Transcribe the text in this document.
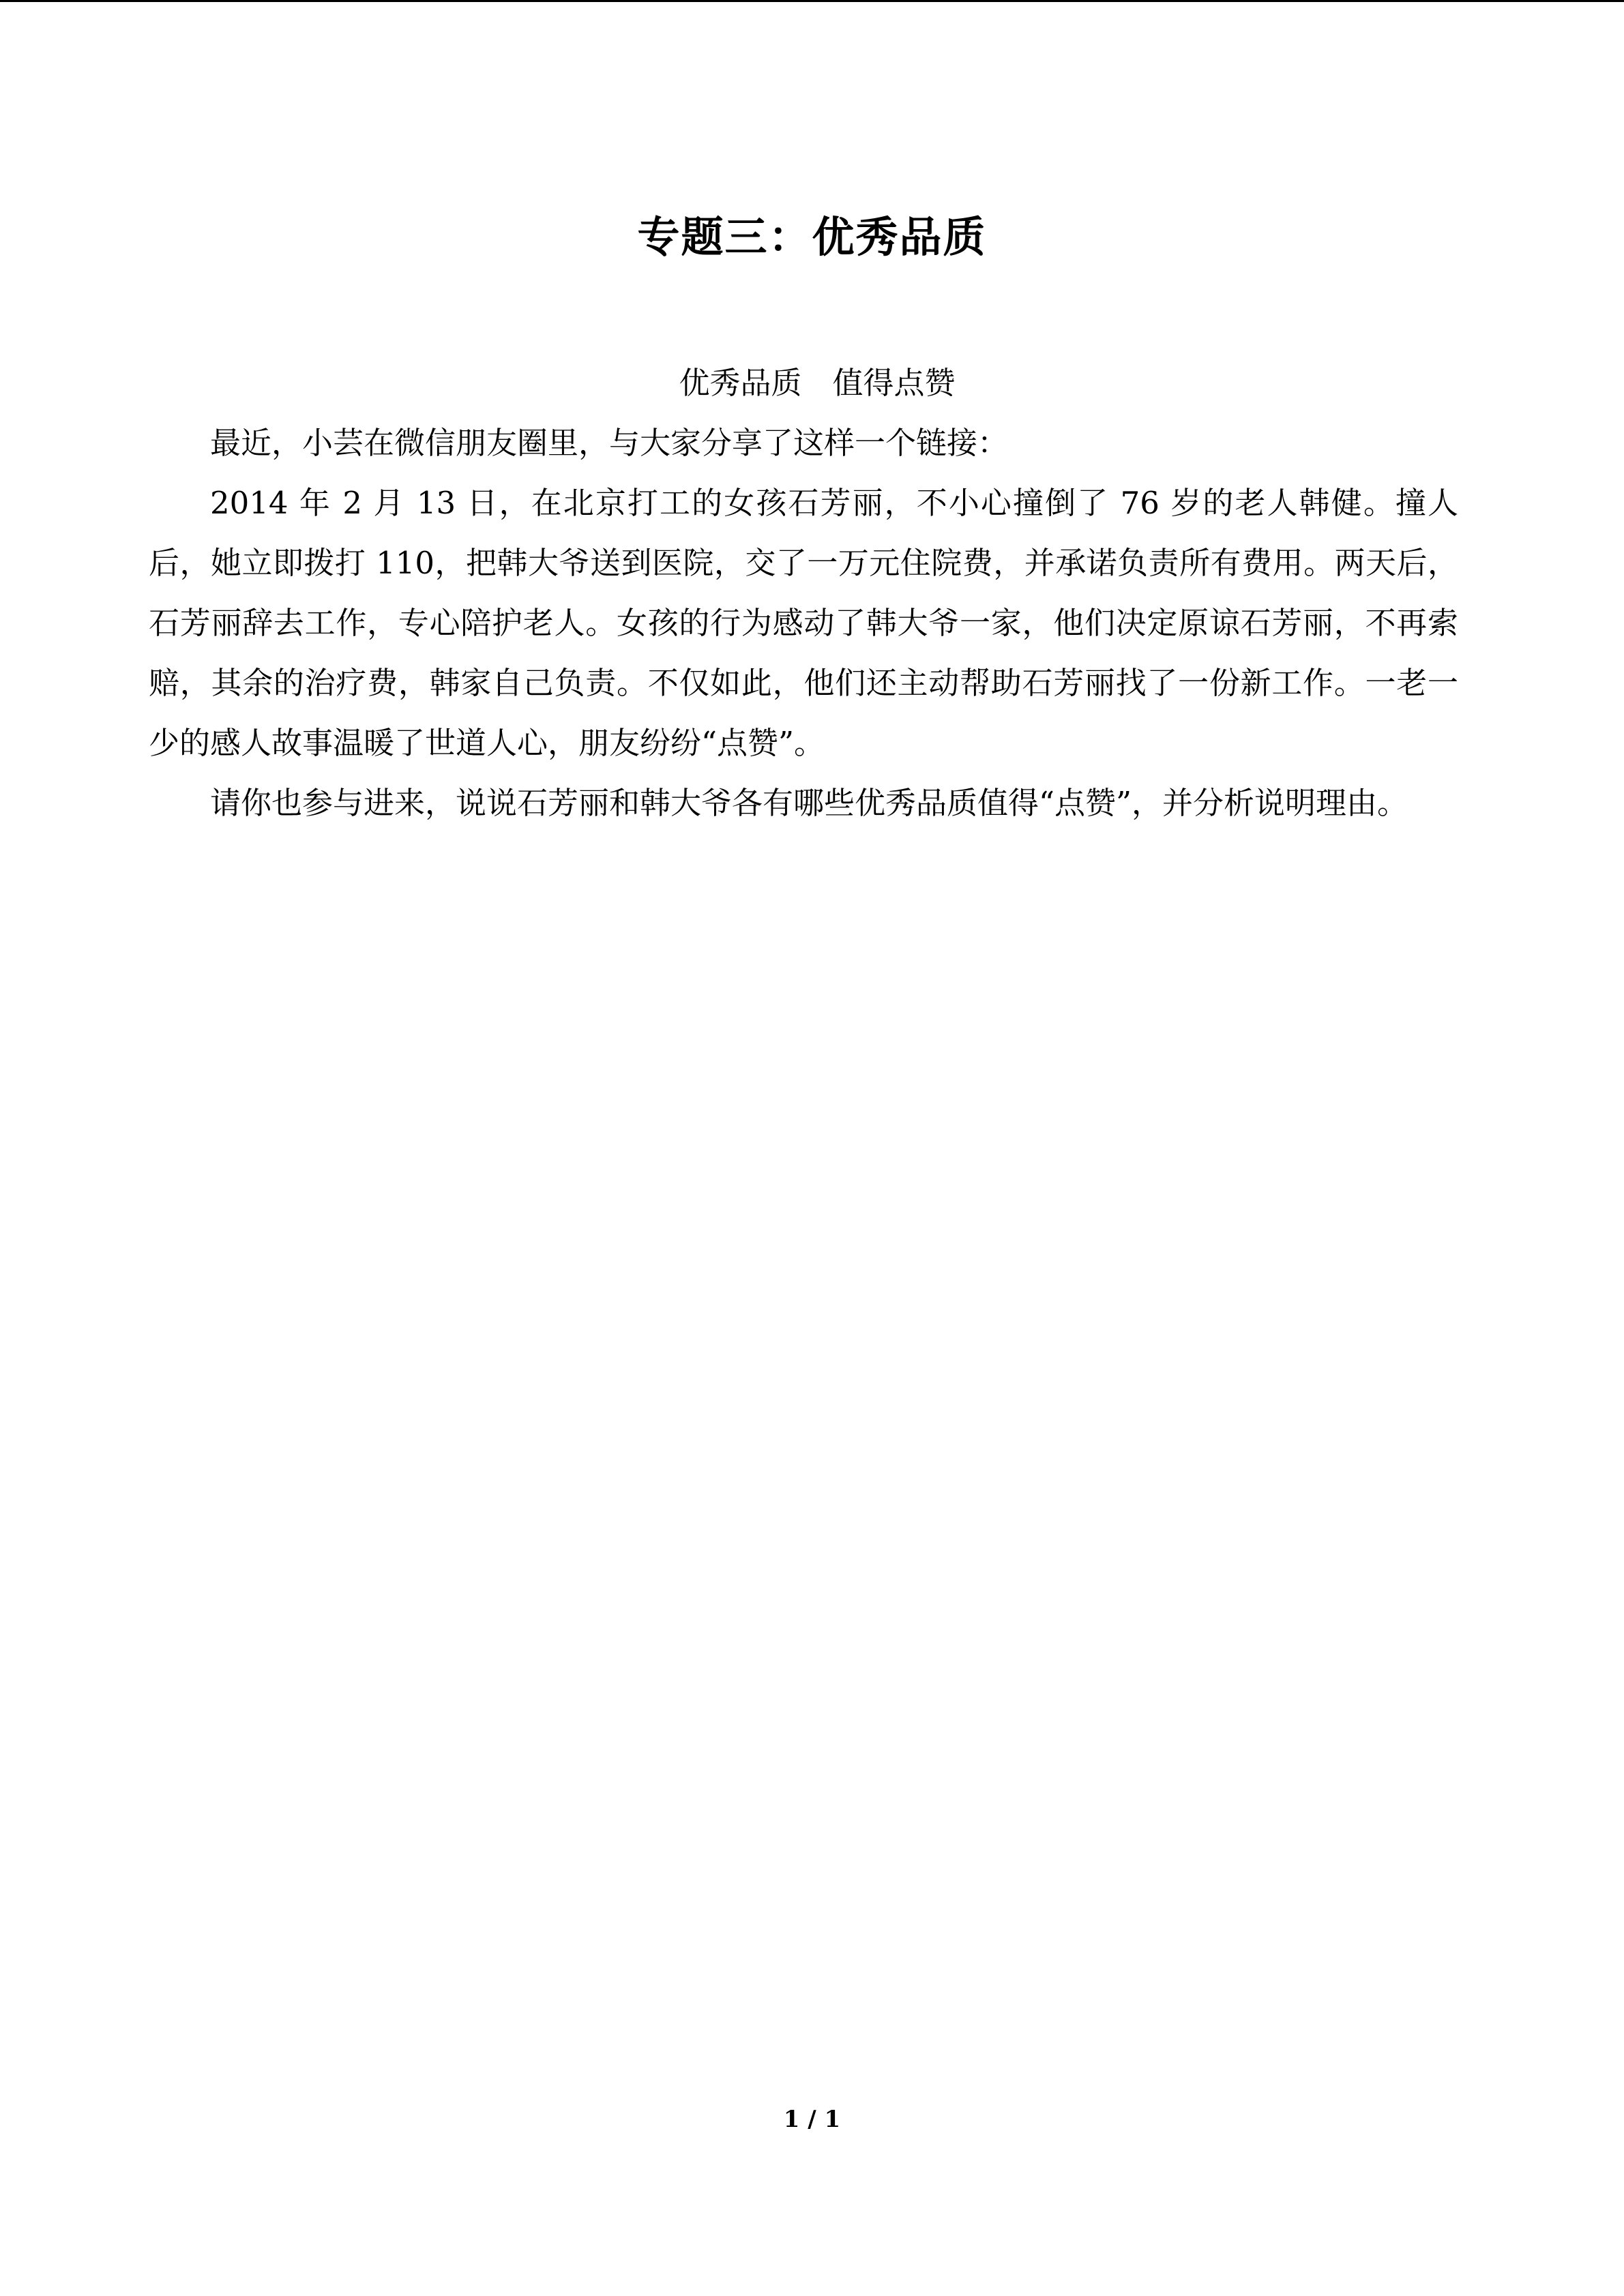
专题三：优秀品质

优秀品质　值得点赞

最近，小芸在微信朋友圈里，与大家分享了这样一个链接：

2014 年 2 月 13 日，在北京打工的女孩石芳丽，不小心撞倒了 76 岁的老人韩健。撞人后，她立即拨打 110，把韩大爷送到医院，交了一万元住院费，并承诺负责所有费用。两天后，石芳丽辞去工作，专心陪护老人。女孩的行为感动了韩大爷一家，他们决定原谅石芳丽，不再索赔，其余的治疗费，韩家自己负责。不仅如此，他们还主动帮助石芳丽找了一份新工作。一老一少的感人故事温暖了世道人心，朋友纷纷“点赞”。

请你也参与进来，说说石芳丽和韩大爷各有哪些优秀品质值得“点赞”，并分析说明理由。

1 / 1
